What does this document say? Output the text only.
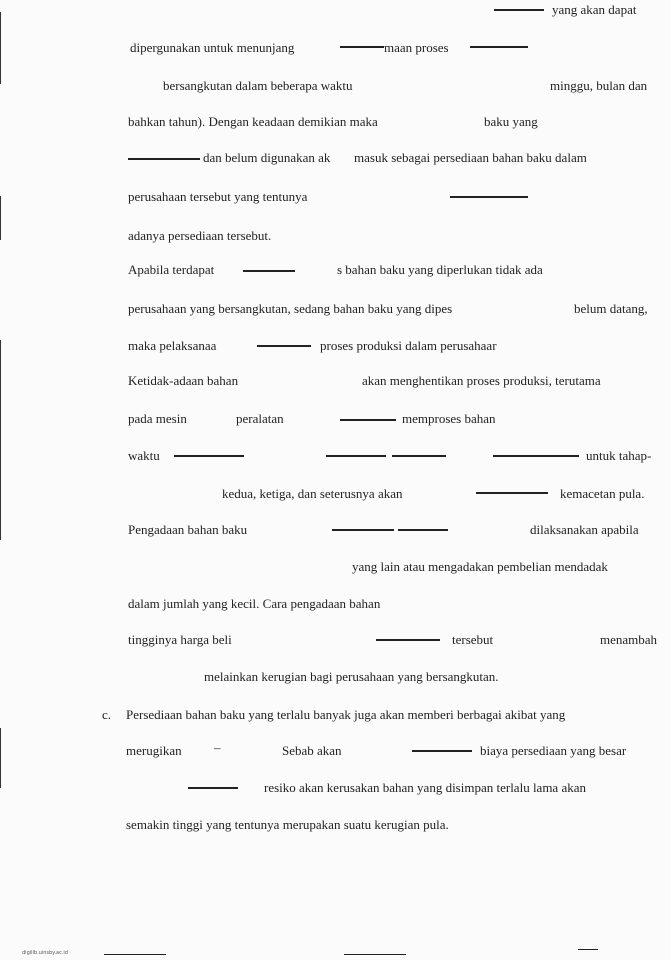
yang akan dapat
dipergunakan untuk menunjang	maan proses
bersangkutan dalam beberapa waktu	minggu, bulan dan
bahkan tahun). Dengan keadaan demikian maka	baku yang
dan belum digunakan ak masuk sebagai persediaan bahan baku dalam
perusahaan tersebut yang tentunya
adanya persediaan tersebut.
Apabila terdapat	s bahan baku yang diperlukan tidak ada
perusahaan yang bersangkutan, sedang bahan baku yang dipes	belum datang,
maka pelaksanaa	proses produksi dalam perusahaar
Ketidak-adaan bahan	akan menghentikan proses produksi, terutama
pada mesin	peralatan	memproses bahan
waktu	untuk tahap-
kedua, ketiga, dan seterusnya akan	kemacetan pula.
Pengadaan bahan baku	dilaksanakan apabila
yang lain atau mengadakan pembelian mendadak
dalam jumlah yang kecil. Cara pengadaan bahan
tingginya harga beli	tersebut	menambah
melainkan kerugian bagi perusahaan yang bersangkutan.
c. Persediaan bahan baku yang terlalu banyak juga akan memberi berbagai akibat yang
merugikan –	Sebab akan	biaya persediaan yang besar
resiko akan kerusakan bahan yang disimpan terlalu lama akan
semakin tinggi yang tentunya merupakan suatu kerugian pula.
digilib.uinsby.ac.id
